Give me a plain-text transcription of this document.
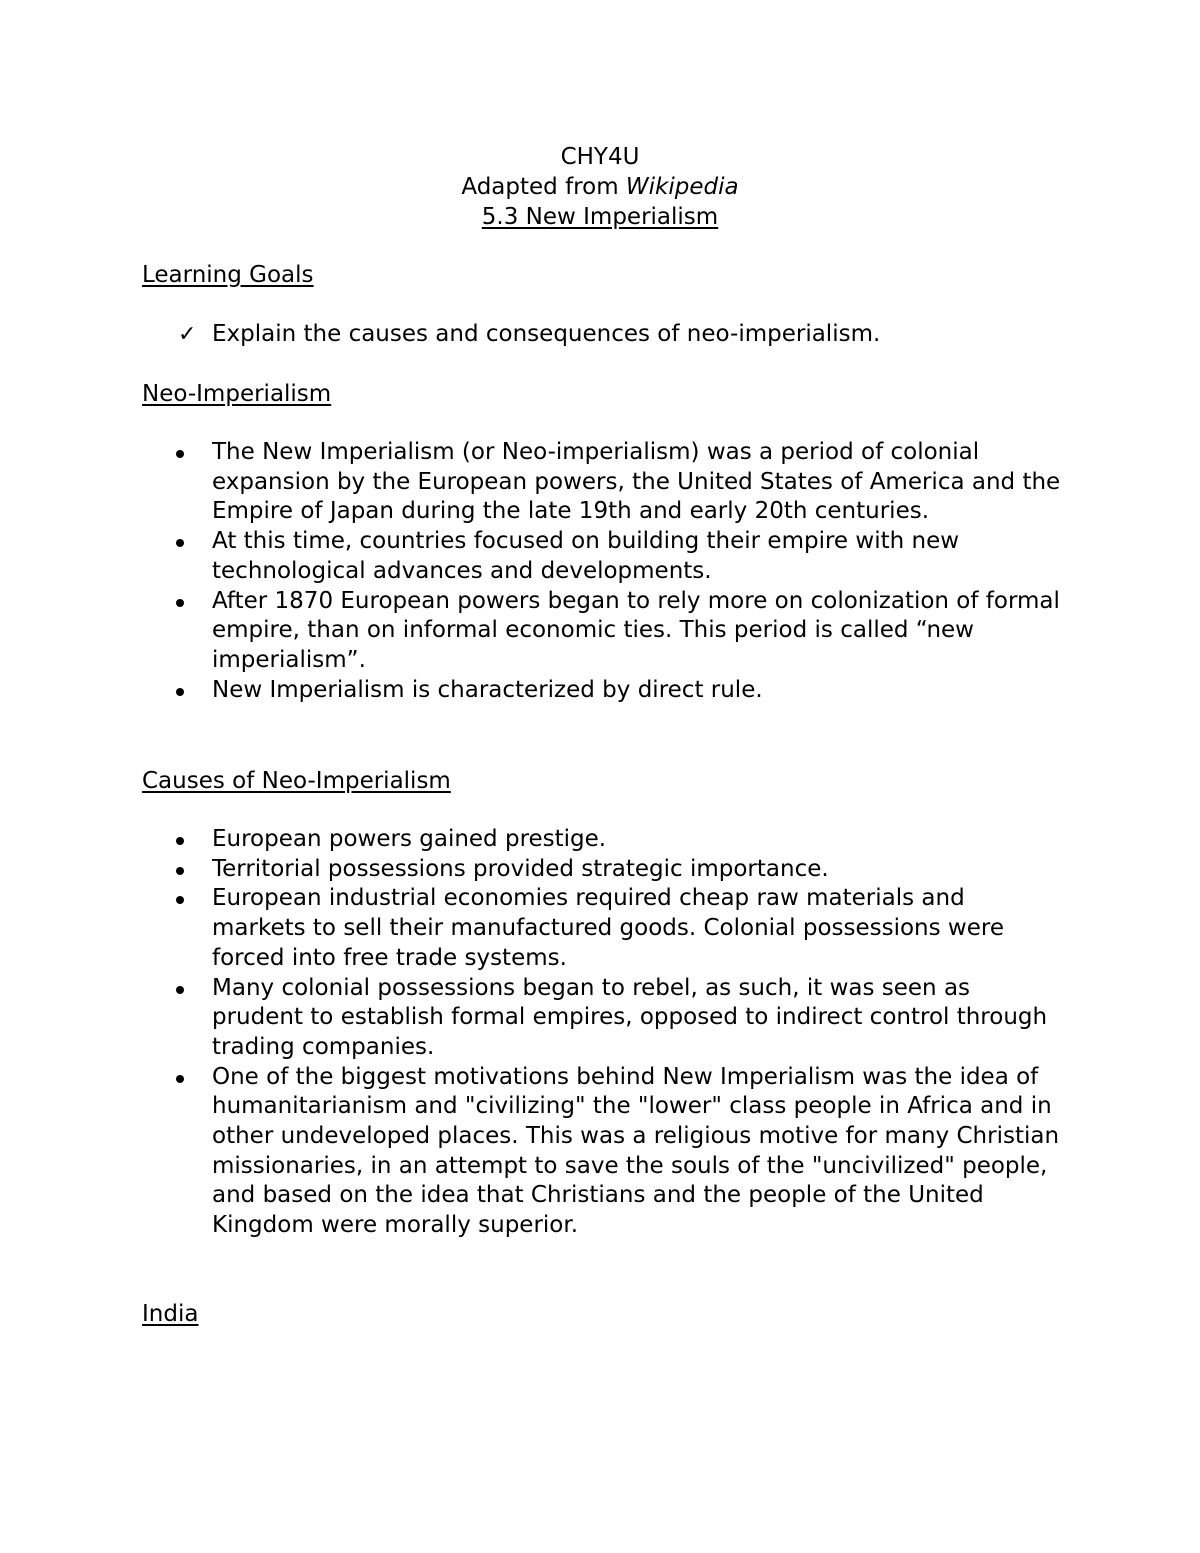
CHY4U
Adapted from Wikipedia
5.3 New Imperialism
Learning Goals
✓ Explain the causes and consequences of neo-imperialism.
Neo-Imperialism
The New Imperialism (or Neo-imperialism) was a period of colonial expansion by the European powers, the United States of America and the Empire of Japan during the late 19th and early 20th centuries.
At this time, countries focused on building their empire with new technological advances and developments.
After 1870 European powers began to rely more on colonization of formal empire, than on informal economic ties. This period is called “new imperialism”.
New Imperialism is characterized by direct rule.
Causes of Neo-Imperialism
European powers gained prestige.
Territorial possessions provided strategic importance.
European industrial economies required cheap raw materials and markets to sell their manufactured goods. Colonial possessions were forced into free trade systems.
Many colonial possessions began to rebel, as such, it was seen as prudent to establish formal empires, opposed to indirect control through trading companies.
One of the biggest motivations behind New Imperialism was the idea of humanitarianism and "civilizing" the "lower" class people in Africa and in other undeveloped places. This was a religious motive for many Christian missionaries, in an attempt to save the souls of the "uncivilized" people, and based on the idea that Christians and the people of the United Kingdom were morally superior.
India
